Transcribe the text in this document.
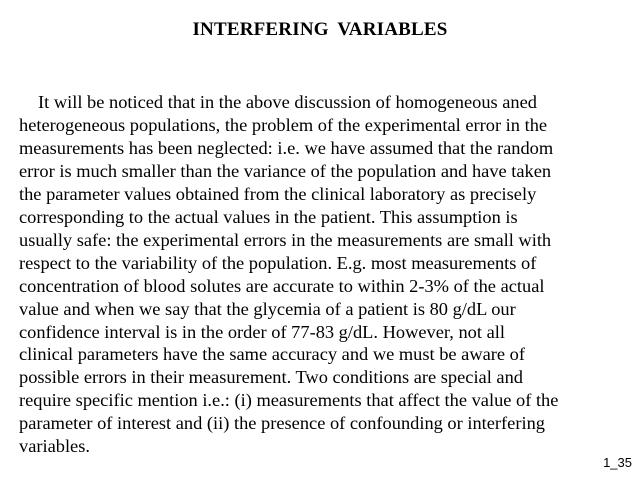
INTERFERING VARIABLES
It will be noticed that in the above discussion of homogeneous aned
heterogeneous populations, the problem of the experimental error in the
measurements has been neglected: i.e. we have assumed that the random
error is much smaller than the variance of the population and have taken
the parameter values obtained from the clinical laboratory as precisely
corresponding to the actual values in the patient. This assumption is
usually safe: the experimental errors in the measurements are small with
respect to the variability of the population. E.g. most measurements of
concentration of blood solutes are accurate to within 2-3% of the actual
value and when we say that the glycemia of a patient is 80 g/dL our
confidence interval is in the order of 77-83 g/dL. However, not all
clinical parameters have the same accuracy and we must be aware of
possible errors in their measurement. Two conditions are special and
require specific mention i.e.: (i) measurements that affect the value of the
parameter of interest and (ii) the presence of confounding or interfering
variables.
1_35
